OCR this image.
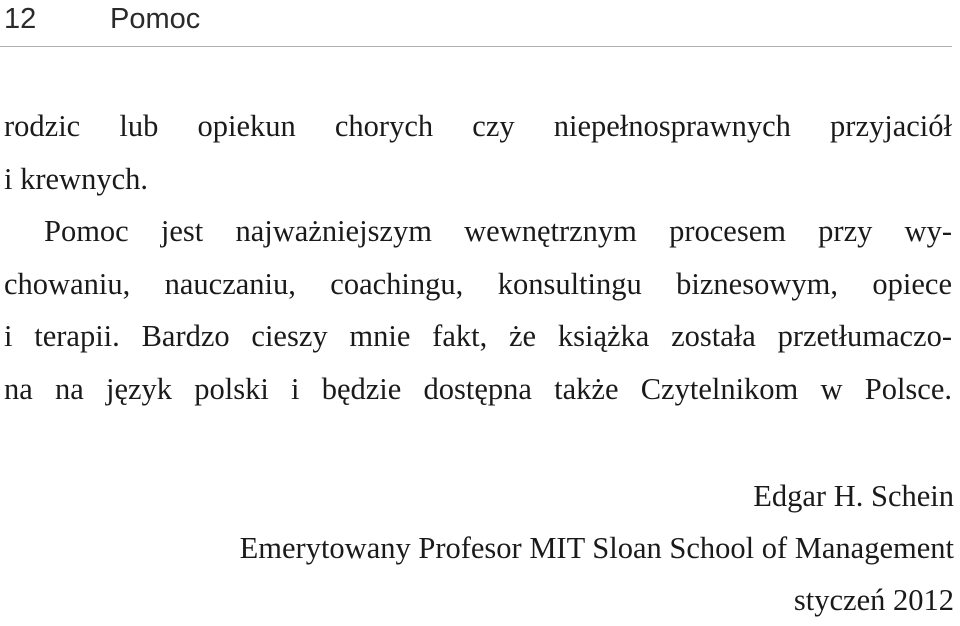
12	Pomoc
rodzic lub opiekun chorych czy niepełnosprawnych przyjaciół
i krewnych.
Pomoc jest najważniejszym wewnętrznym procesem przy wy-
chowaniu, nauczaniu, coachingu, konsultingu biznesowym, opiece
i terapii. Bardzo cieszy mnie fakt, że książka została przetłumaczo-
na na język polski i będzie dostępna także Czytelnikom w Polsce.
Edgar H. Schein
Emerytowany Profesor MIT Sloan School of Management
styczeń 2012
